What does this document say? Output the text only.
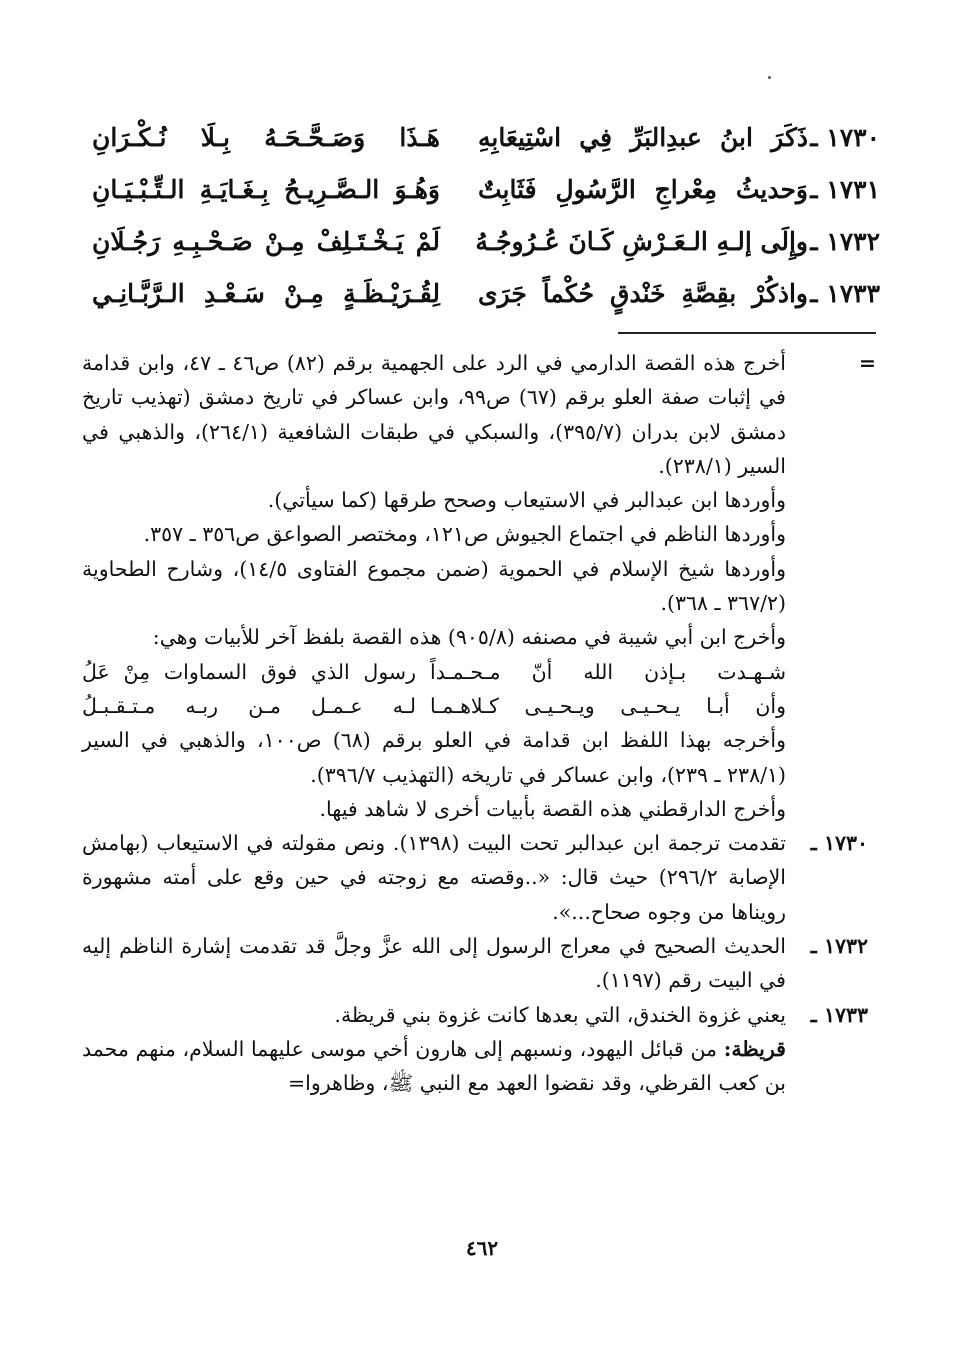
١٧٣٠ ـ
ذَكَرَ ابنُ عبدِالبَرِّ فِي اسْتِيعَابِهِ
هَـذَا وَصَـحَّـحَـهُ بِـلَا نُـكْـرَانِ
١٧٣١ ـ
وَحديثُ مِعْراجِ الرَّسُولِ فَثَابِتٌ
وَهُـوَ الـصَّـرِيـحُ بِـغَـايَـةِ الـتِّـبْـيَـانِ
١٧٣٢ ـ
وإِلَى إلـهِ الـعَـرْشِ كَـانَ عُـرُوجُـهُ
لَمْ يَـخْـتَـلِفْ مِـنْ صَـحْـبِـهِ رَجُـلَانِ
١٧٣٣ ـ
واذكُرْ بقِصَّةِ خَنْدقٍ حُكْماً جَرَى
لِقُـرَيْـظَـةٍ مِـنْ سَـعْـدِ الـرَّبَّـانِـي

=
أخرج هذه القصة الدارمي في الرد على الجهمية برقم (٨٢) ص٤٦ ـ ٤٧، وابن قدامة في إثبات صفة العلو برقم (٦٧) ص٩٩، وابن عساكر في تاريخ دمشق (تهذيب تاريخ دمشق لابن بدران (٣٩٥/٧)، والسبكي في طبقات الشافعية (٢٦٤/١)، والذهبي في السير (٢٣٨/١).

وأوردها ابن عبدالبر في الاستيعاب وصحح طرقها (كما سيأتي).

وأوردها الناظم في اجتماع الجيوش ص١٢١، ومختصر الصواعق ص٣٥٦ ـ ٣٥٧.

وأوردها شيخ الإسلام في الحموية (ضمن مجموع الفتاوى ١٤/٥)، وشارح الطحاوية (٣٦٧/٢ ـ ٣٦٨).

وأخرج ابن أبي شيبة في مصنفه (٩٠٥/٨) هذه القصة بلفظ آخر للأبيات وهي:

شـهـدت بـإذن الله أنّ مـحـمـداً
رسول الذي فوق السماوات مِنْ عَلُ
وأن أبـا يـحـيـى ويـحـيـى كـلاهـمـا
لـه عـمـل مـن ربـه مـتـقـبـلُ

وأخرجه بهذا اللفظ ابن قدامة في العلو برقم (٦٨) ص١٠٠، والذهبي في السير (٢٣٨/١ ـ ٢٣٩)، وابن عساكر في تاريخه (التهذيب ٣٩٦/٧).

وأخرج الدارقطني هذه القصة بأبيات أخرى لا شاهد فيها.

١٧٣٠ ـ
تقدمت ترجمة ابن عبدالبر تحت البيت (١٣٩٨). ونص مقولته في الاستيعاب (بهامش الإصابة ٢٩٦/٢) حيث قال: «..وقصته مع زوجته في حين وقع على أمته مشهورة رويناها من وجوه صحاح...».

١٧٣٢ ـ
الحديث الصحيح في معراج الرسول إلى الله عزَّ وجلَّ قد تقدمت إشارة الناظم إليه في البيت رقم (١١٩٧).

١٧٣٣ ـ
يعني غزوة الخندق، التي بعدها كانت غزوة بني قريظة.

قريظة: من قبائل اليهود، ونسبهم إلى هارون أخي موسى عليهما السلام، منهم محمد بن كعب القرظي، وقد نقضوا العهد مع النبي ﷺ، وظاهروا=

٤٦٢
